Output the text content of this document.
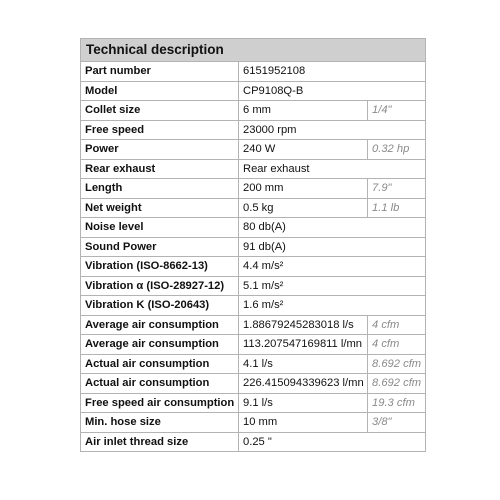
Technical description		
Part number	6151952108	
Model	CP9108Q-B	
Collet size	6 mm	1/4"
Free speed	23000 rpm	
Power	240 W	0.32 hp
Rear exhaust	Rear exhaust	
Length	200 mm	7.9"
Net weight	0.5 kg	1.1 lb
Noise level	80 db(A)	
Sound Power	91 db(A)	
Vibration (ISO-8662-13)	4.4 m/s²	
Vibration α (ISO-28927-12)	5.1 m/s²	
Vibration K (ISO-20643)	1.6 m/s²	
Average air consumption	1.88679245283018 l/s	4 cfm
Average air consumption	113.207547169811 l/mn	4 cfm
Actual air consumption	4.1 l/s	8.692 cfm
Actual air consumption	226.415094339623 l/mn	8.692 cfm
Free speed air consumption	9.1 l/s	19.3 cfm
Min. hose size	10 mm	3/8"
Air inlet thread size	0.25 "	
